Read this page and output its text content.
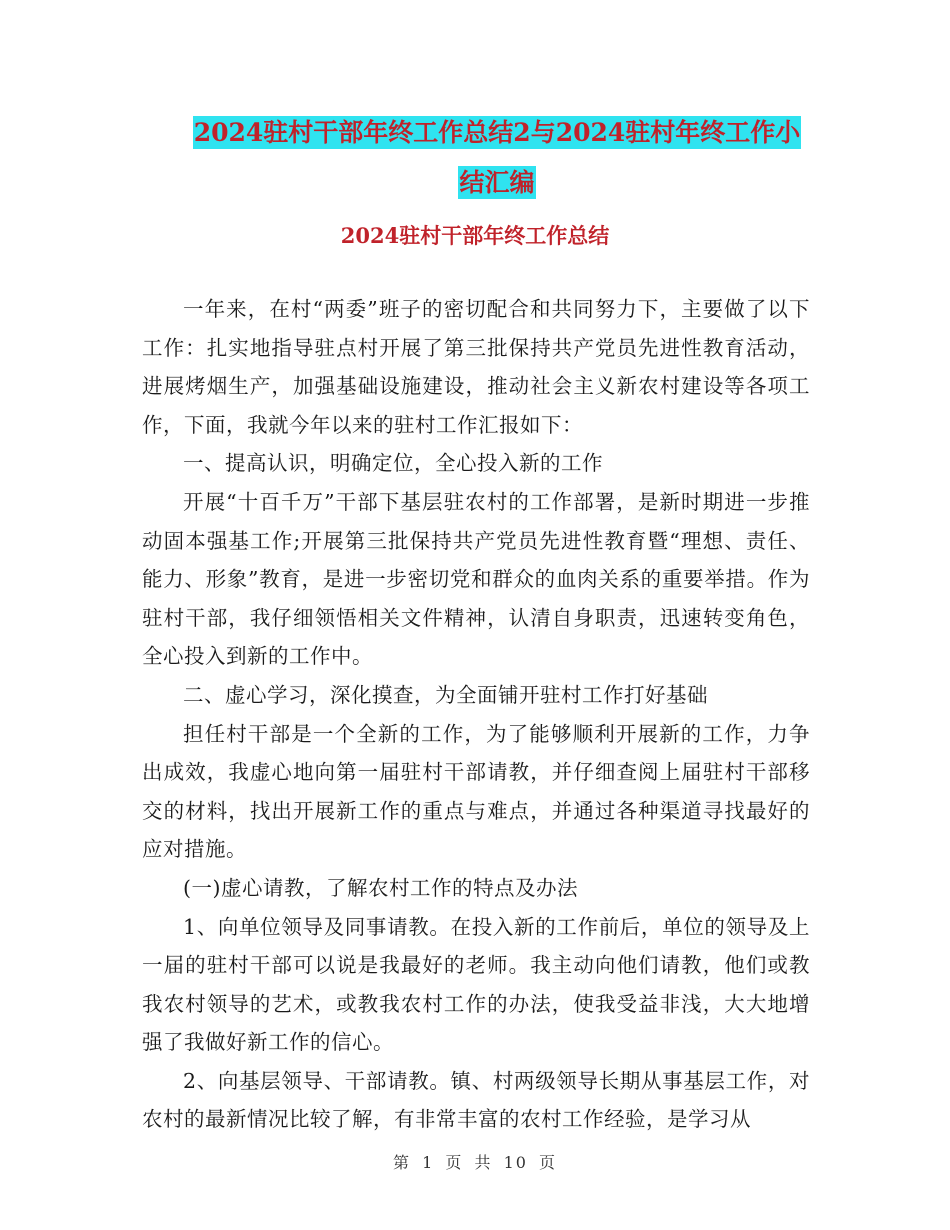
2024驻村干部年终工作总结2与2024驻村年终工作小
结汇编
2024驻村干部年终工作总结

一年来，在村“两委”班子的密切配合和共同努力下，主要做了以下工作：扎实地指导驻点村开展了第三批保持共产党员先进性教育活动，进展烤烟生产，加强基础设施建设，推动社会主义新农村建设等各项工作，下面，我就今年以来的驻村工作汇报如下：

一、提高认识，明确定位，全心投入新的工作

开展“十百千万”干部下基层驻农村的工作部署，是新时期进一步推动固本强基工作;开展第三批保持共产党员先进性教育暨“理想、责任、能力、形象”教育，是进一步密切党和群众的血肉关系的重要举措。作为驻村干部，我仔细领悟相关文件精神，认清自身职责，迅速转变角色，全心投入到新的工作中。

二、虚心学习，深化摸查，为全面铺开驻村工作打好基础

担任村干部是一个全新的工作，为了能够顺利开展新的工作，力争出成效，我虚心地向第一届驻村干部请教，并仔细查阅上届驻村干部移交的材料，找出开展新工作的重点与难点，并通过各种渠道寻找最好的应对措施。

(一)虚心请教，了解农村工作的特点及办法

1、向单位领导及同事请教。在投入新的工作前后，单位的领导及上一届的驻村干部可以说是我最好的老师。我主动向他们请教，他们或教我农村领导的艺术，或教我农村工作的办法，使我受益非浅，大大地增强了我做好新工作的信心。

2、向基层领导、干部请教。镇、村两级领导长期从事基层工作，对农村的最新情况比较了解，有非常丰富的农村工作经验，是学习从

第 1 页 共 10 页
